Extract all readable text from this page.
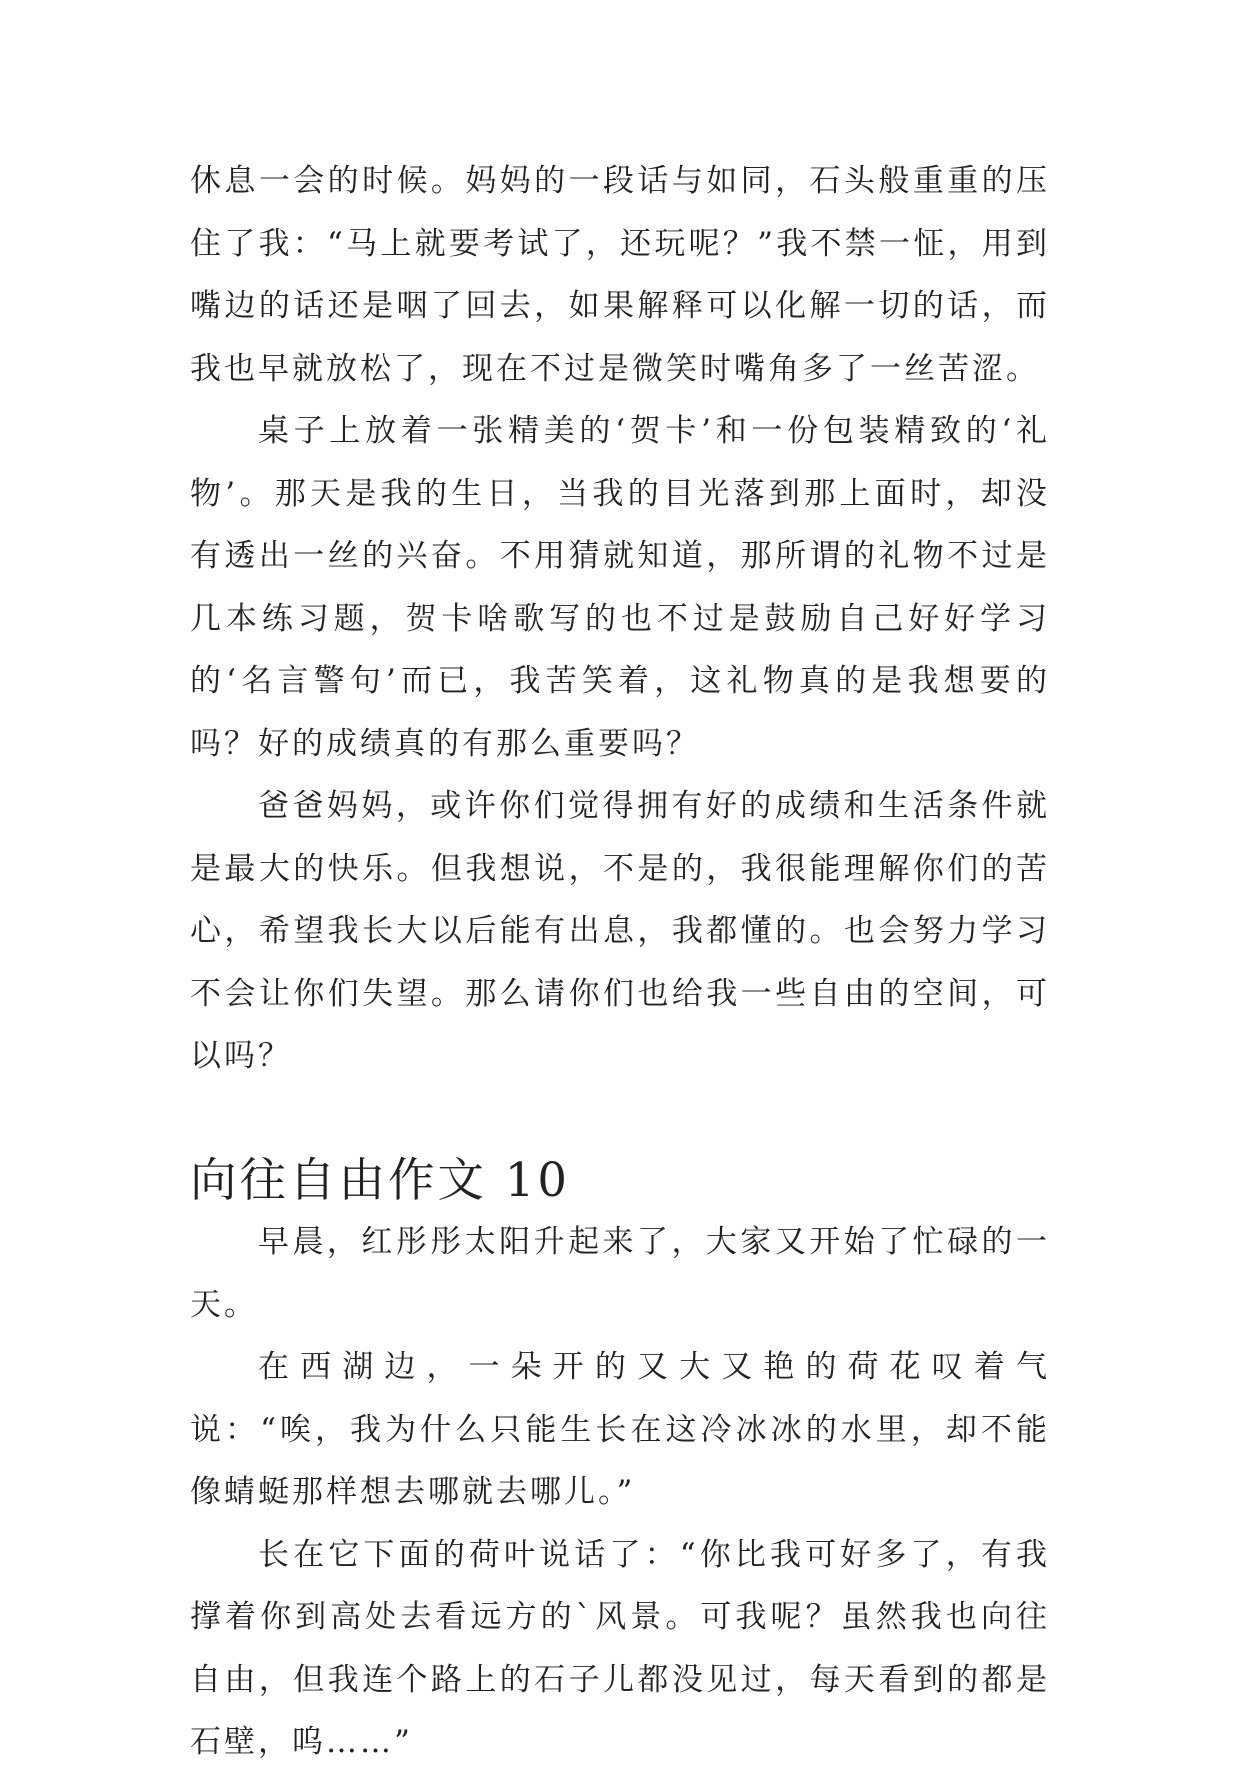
休息一会的时候。妈妈的一段话与如同，石头般重重的压住了我：“马上就要考试了，还玩呢？”我不禁一怔，用到嘴边的话还是咽了回去，如果解释可以化解一切的话，而我也早就放松了，现在不过是微笑时嘴角多了一丝苦涩。

桌子上放着一张精美的‘贺卡’和一份包装精致的‘礼物’。那天是我的生日，当我的目光落到那上面时，却没有透出一丝的兴奋。不用猜就知道，那所谓的礼物不过是几本练习题，贺卡啥歌写的也不过是鼓励自己好好学习的‘名言警句’而已，我苦笑着，这礼物真的是我想要的吗？好的成绩真的有那么重要吗？

爸爸妈妈，或许你们觉得拥有好的成绩和生活条件就是最大的快乐。但我想说，不是的，我很能理解你们的苦心，希望我长大以后能有出息，我都懂的。也会努力学习不会让你们失望。那么请你们也给我一些自由的空间，可以吗？

向往自由作文 10

早晨，红彤彤太阳升起来了，大家又开始了忙碌的一天。

在西湖边，一朵开的又大又艳的荷花叹着气说：“唉，我为什么只能生长在这冷冰冰的水里，却不能像蜻蜓那样想去哪就去哪儿。”

长在它下面的荷叶说话了：“你比我可好多了，有我撑着你到高处去看远方的`风景。可我呢？虽然我也向往自由，但我连个路上的石子儿都没见过，每天看到的都是石壁，呜……”
